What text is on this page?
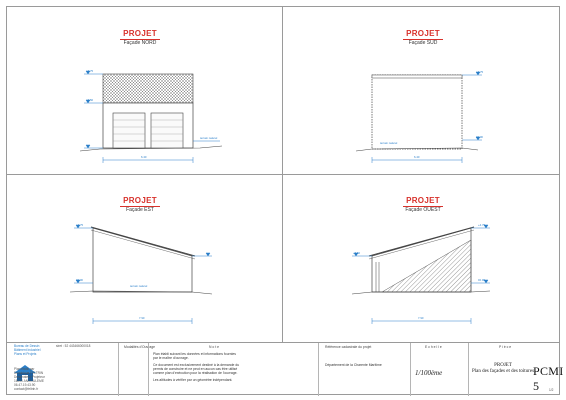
PROJET
Façade NORD
PROJET
Façade SUD
PROJET
Façade EST
PROJET
Façade OUEST
6.40
+4.75
+2.50
terrain naturel
6.40
+4.75
±0.00
terrain naturel
7.90
+4.75
±0.00
terrain naturel
7.90
+2.50
+4.75
±0.00
Bureau de Dessin
Bâtiment Industriel
Plans et Projets
Plan établi par
Dominique FELTRIN
Dessinateur Projeteur
16000 ANGOULEME
06.47.19.43.90
contact@feltrin.fr
siret : 52 443466000018	Modalités d'Ouvrage	N o t e
Plan établi suivant les données et informations fournies
par le maître d'ouvrage.
Ce document est exclusivement destiné à la demande du
permis de construire et ne peut en aucun cas être utilisé
comme plan d'exécution pour la réalisation de l'ouvrage.
Les altitudes à vérifier par un géomètre indépendant.
Référence cadastrale du projet
Département de la Charente Maritime
E c h e l l e
1/100ème
P i è c e
PROJET
Plan des façades et des toitures
PCMI 5	1/2
